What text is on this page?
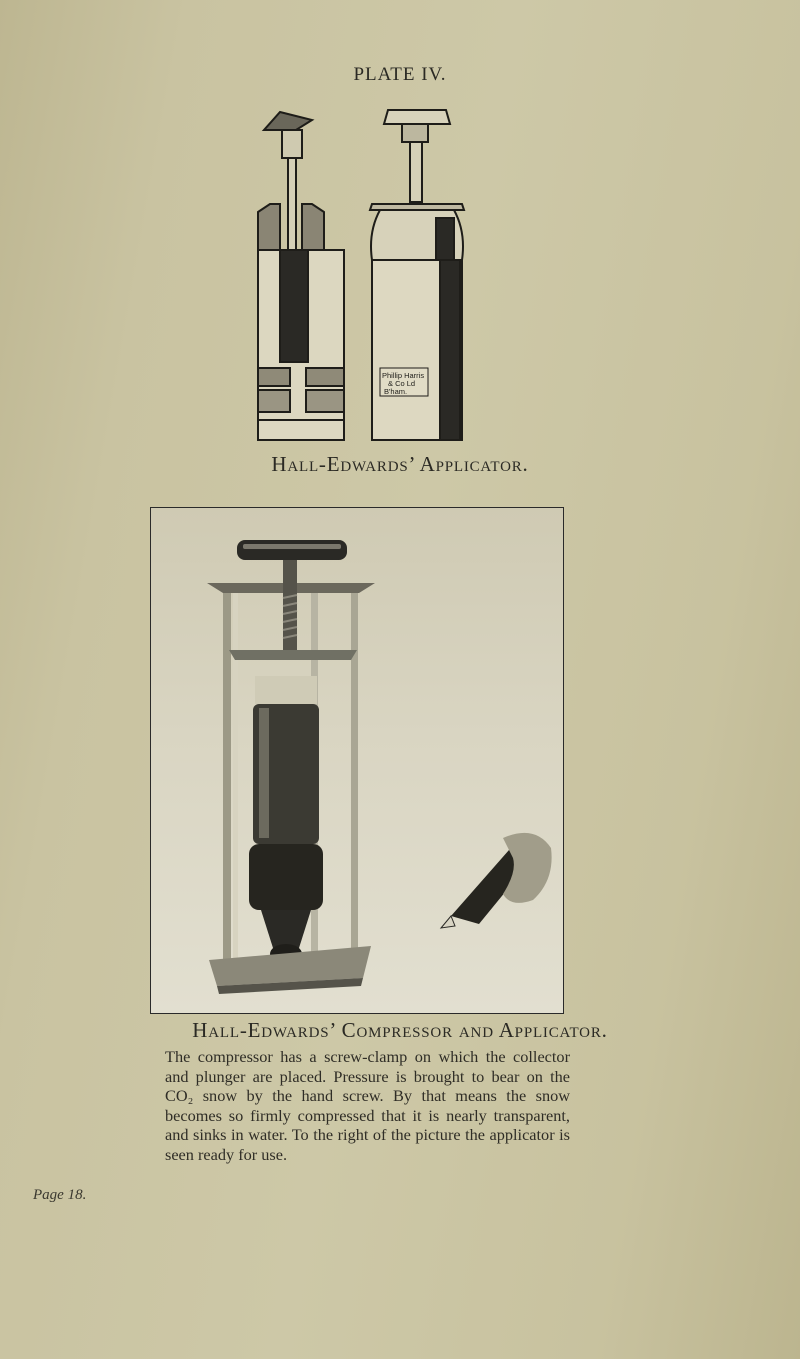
PLATE IV.
Phillip Harris
& Co Ld
B'ham.
Hall-Edwards’ Applicator.
Hall-Edwards’ Compressor and Applicator.

The compressor has a screw-clamp on which the collector and plunger are placed. Pressure is brought to bear on the CO₂ snow by the hand screw. By that means the snow becomes so firmly compressed that it is nearly transparent, and sinks in water. To the right of the picture the applicator is seen ready for use.

Page 18.
